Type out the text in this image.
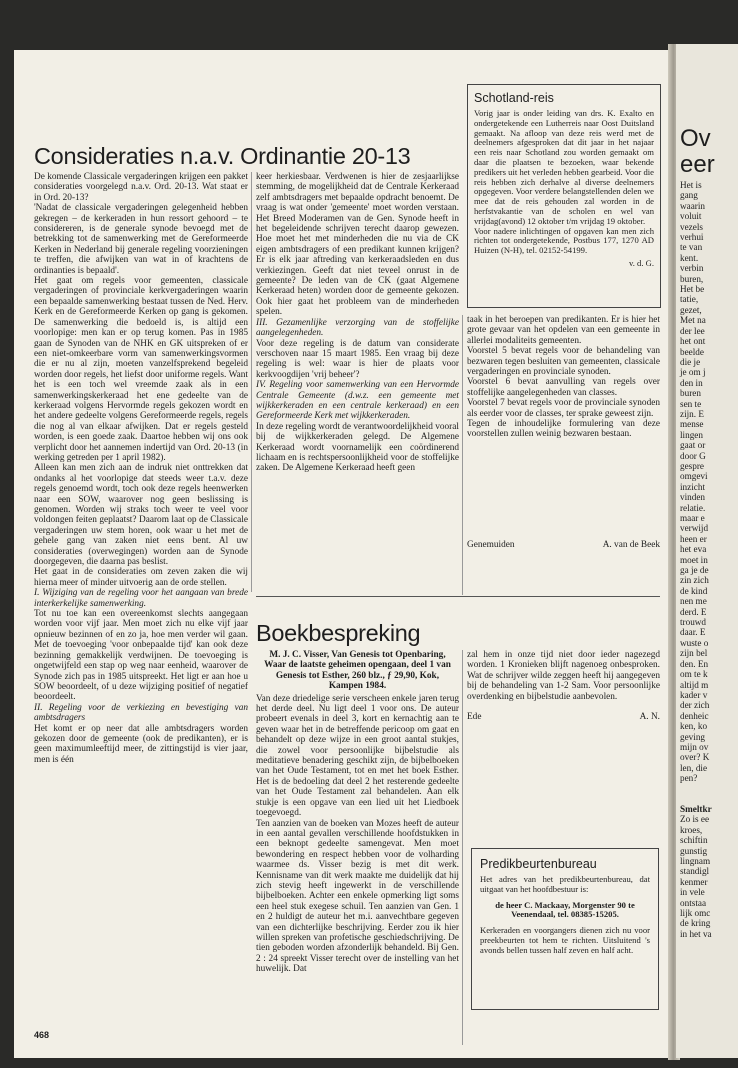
Ov
eer
Het is
gang
waarin
voluit
vezels
verhui
te van
kent.
verbin
buren,
Het be
tatie,
gezet,
Met na
der lee
het ont
beelde
die je
je om j
den in
buren
sen te
zijn. E
mense
lingen
gaat or
door G
gespre
omgevi
inzicht
vinden
relatie.
maar e
verwijd
heen er
het eva
moet in
ga je de
zin zich
de kind
nen me
derd. E
trouwd
daar. E
wuste o
zijn bel
den. En
om te k
altijd m
kader v
der zich
denheic
ken, ko
geving
mijn ov
over? K
len, die
pen?
Smeltkr
Zo is ee
kroes,
schiftin
gunstig
lingnam
standigl
kenmer
in vele
ontstaa
lijk omc
de kring
in het va
Consideraties n.a.v. Ordinantie 20-13

De komende Classicale vergaderingen krijgen een pakket consideraties voorgelegd n.a.v. Ord. 20-13. Wat staat er in Ord. 20-13?

'Nadat de classicale vergaderingen gelegenheid hebben gekregen – de kerkeraden in hun ressort gehoord – te considereren, is de generale synode bevoegd met de betrekking tot de samenwerking met de Gereformeerde Kerken in Nederland bij generale regeling voorzieningen te treffen, die afwijken van wat in of krachtens de ordinanties is bepaald'.

Het gaat om regels voor gemeenten, classicale vergaderingen of provinciale kerkvergaderingen waarin een bepaalde samenwerking bestaat tussen de Ned. Herv. Kerk en de Gereformeerde Kerken op gang is gekomen. De samenwerking die bedoeld is, is altijd een voorlopige: men kan er op terug komen. Pas in 1985 gaan de Synoden van de NHK en GK uitspreken of er een niet-omkeerbare vorm van samenwerkingsvormen die er nu al zijn, moeten vanzelfsprekend begeleid worden door regels, het liefst door uniforme regels. Want het is een toch wel vreemde zaak als in een samenwerkingskerkeraad het ene gedeelte van de kerkeraad volgens Hervormde regels gekozen wordt en het andere gedeelte volgens Gereformeerde regels, regels die nog al van elkaar afwijken. Dat er regels gesteld worden, is een goede zaak. Daartoe hebben wij ons ook verplicht door het aannemen indertijd van Ord. 20-13 (in werking getreden per 1 april 1982).

Alleen kan men zich aan de indruk niet onttrekken dat ondanks al het voorlopige dat steeds weer t.a.v. deze regels genoemd wordt, toch ook deze regels heenwerken naar een SOW, waarover nog geen beslissing is genomen. Worden wij straks toch weer te veel voor voldongen feiten geplaatst? Daarom laat op de Classicale vergaderingen uw stem horen, ook waar u het met de gehele gang van zaken niet eens bent. Al uw consideraties (overwegingen) worden aan de Synode doorgegeven, die daarna pas beslist.

Het gaat in de consideraties om zeven zaken die wij hierna meer of minder uitvoerig aan de orde stellen.

I. Wijziging van de regeling voor het aangaan van brede interkerkelijke samenwerking.

Tot nu toe kan een overeenkomst slechts aangegaan worden voor vijf jaar. Men moet zich nu elke vijf jaar opnieuw bezinnen of en zo ja, hoe men verder wil gaan. Met de toevoeging 'voor onbepaalde tijd' kan ook deze bezinning gemakkelijk verdwijnen. De toevoeging is ongetwijfeld een stap op weg naar eenheid, waarover de Synode zich pas in 1985 uitspreekt. Het ligt er aan hoe u SOW beoordeelt, of u deze wijziging positief of negatief beoordeelt.

II. Regeling voor de verkiezing en bevestiging van ambtsdragers

Het komt er op neer dat alle ambtsdragers worden gekozen door de gemeente (ook de predikanten), er is geen maximumleeftijd meer, de zittingstijd is vier jaar, men is één

keer herkiesbaar. Verdwenen is hier de zesjaarlijkse stemming, de mogelijkheid dat de Centrale Kerkeraad zelf ambtsdragers met bepaalde opdracht benoemt. De vraag is wat onder 'gemeente' moet worden verstaan. Het Breed Moderamen van de Gen. Synode heeft in het begeleidende schrijven terecht daarop gewezen. Hoe moet het met minderheden die nu via de CK eigen ambtsdragers of een predikant kunnen krijgen? Er is elk jaar aftreding van kerkeraadsleden en dus verkiezingen. Geeft dat niet teveel onrust in de gemeente? De leden van de CK (gaat Algemene Kerkeraad heten) worden door de gemeente gekozen. Ook hier gaat het probleem van de minderheden spelen.

III. Gezamenlijke verzorging van de stoffelijke aangelegenheden.

Voor deze regeling is de datum van considerate verschoven naar 15 maart 1985. Een vraag bij deze regeling is wel: waar is hier de plaats voor kerkvoogdijen 'vrij beheer'?

IV. Regeling voor samenwerking van een Hervormde Centrale Gemeente (d.w.z. een gemeente met wijkkerkeraden en een centrale kerkeraad) en een Gereformeerde Kerk met wijkkerkeraden.

In deze regeling wordt de verantwoordelijkheid vooral bij de wijkkerkeraden gelegd. De Algemene Kerkeraad wordt voornamelijk een coördinerend lichaam en is rechtspersoonlijkheid voor de stoffelijke zaken. De Algemene Kerkeraad heeft geen

taak in het beroepen van predikanten. Er is hier het grote gevaar van het opdelen van een gemeente in allerlei modaliteits gemeenten.

Voorstel 5 bevat regels voor de behandeling van bezwaren tegen besluiten van gemeenten, classicale vergaderingen en provinciale synoden.

Voorstel 6 bevat aanvulling van regels over stoffelijke aangelegenheden van classes.

Voorstel 7 bevat regels voor de provinciale synoden als eerder voor de classes, ter sprake geweest zijn.

Tegen de inhoudelijke formulering van deze voorstellen zullen weinig bezwaren bestaan.

Genemuiden	A. van de Beek
Schotland-reis

Vorig jaar is onder leiding van drs. K. Exalto en ondergetekende een Lutherreis naar Oost Duitsland gemaakt. Na afloop van deze reis werd met de deelnemers afgesproken dat dit jaar in het najaar een reis naar Schotland zou worden gemaakt om daar die plaatsen te bezoeken, waar bekende predikers uit het verleden hebben gearbeid. Voor die reis hebben zich derhalve al diverse deelnemers opgegeven. Voor verdere belangstellenden delen we mee dat de reis gehouden zal worden in de herfstvakantie van de scholen en wel van vrijdag(avond) 12 oktober t/m vrijdag 19 oktober.

Voor nadere inlichtingen of opgaven kan men zich richten tot ondergetekende, Postbus 177, 1270 AD Huizen (N-H), tel. 02152-54199.

v. d. G.

Boekbespreking

M. J. C. Visser, Van Genesis tot Openbaring, Waar de laatste geheimen opengaan, deel 1 van Genesis tot Esther, 260 blz., ƒ 29,90, Kok, Kampen 1984.

Van deze driedelige serie verscheen enkele jaren terug het derde deel. Nu ligt deel 1 voor ons. De auteur probeert evenals in deel 3, kort en kernachtig aan te geven waar het in de betreffende pericoop om gaat en behandelt op deze wijze in een groot aantal stukjes, die zowel voor persoonlijke bijbelstudie als meditatieve benadering geschikt zijn, de bijbelboeken van het Oude Testament, tot en met het boek Esther. Het is de bedoeling dat deel 2 het resterende gedeelte van het Oude Testament zal behandelen. Aan elk stukje is een opgave van een lied uit het Liedboek toegevoegd.

Ten aanzien van de boeken van Mozes heeft de auteur in een aantal gevallen verschillende hoofdstukken in een beknopt gedeelte samengevat. Men moet bewondering en respect hebben voor de volharding waarmee ds. Visser bezig is met dit werk. Kennisname van dit werk maakte me duidelijk dat hij zich stevig heeft ingewerkt in de verschillende bijbelboeken. Achter een enkele opmerking ligt soms een heel stuk exegese schuil. Ten aanzien van Gen. 1 en 2 huldigt de auteur het m.i. aanvechtbare gegeven van een dichterlijke beschrijving. Eerder zou ik hier willen spreken van profetische geschiedschrijving. De tien geboden worden afzonderlijk behandeld. Bij Gen. 2 : 24 spreekt Visser terecht over de instelling van het huwelijk. Dat

zal hem in onze tijd niet door ieder nagezegd worden. 1 Kronieken blijft nagenoeg onbesproken. Wat de schrijver wilde zeggen heeft hij aangegeven bij de behandeling van 1-2 Sam. Voor persoonlijke overdenking en bijbelstudie aanbevolen.

Ede	A. N.
Predikbeurtenbureau

Het adres van het predikbeurtenbureau, dat uitgaat van het hoofdbestuur is:

de heer C. Mackaay, Morgenster 90 te Veenendaal, tel. 08385-15205.

Kerkeraden en voorgangers dienen zich nu voor preekbeurten tot hem te richten. Uitsluitend 's avonds bellen tussen half zeven en half acht.

468
